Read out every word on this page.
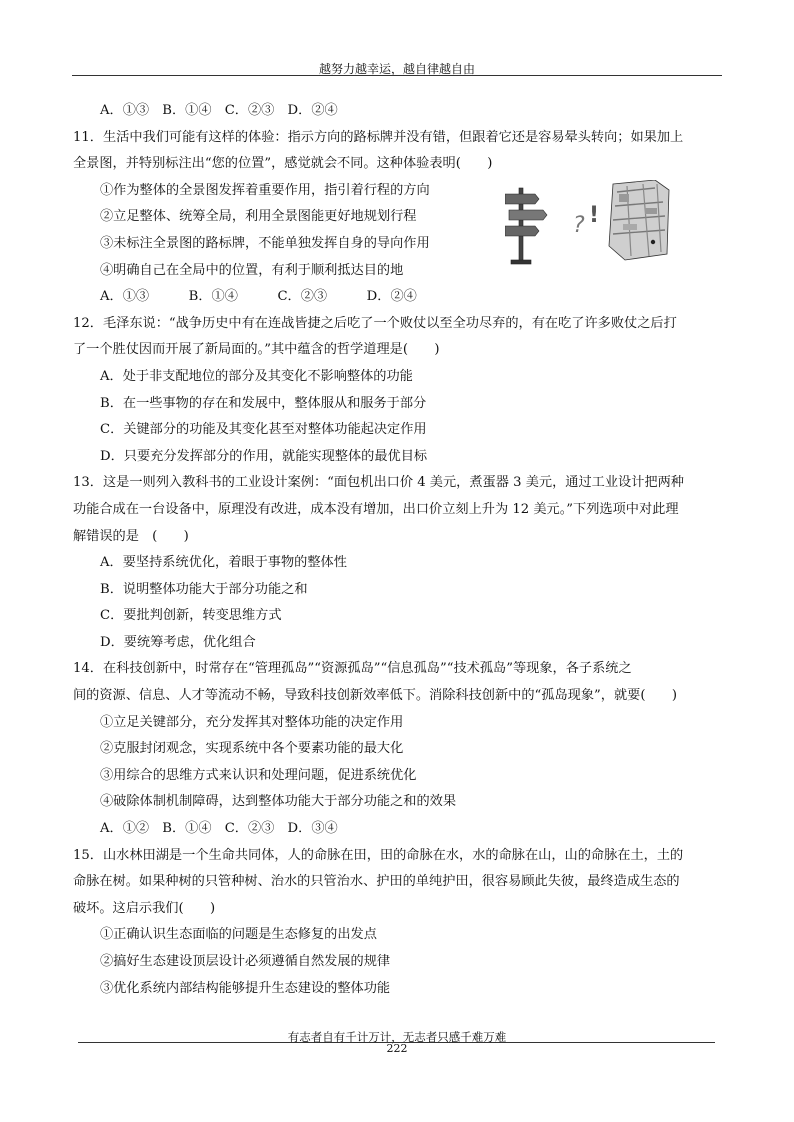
越努力越幸运，越自律越自由
A．①③　B．①④　C．②③　D．②④
11．生活中我们可能有这样的体验：指示方向的路标牌并没有错，但跟着它还是容易晕头转向；如果加上
全景图，并特别标注出“您的位置”，感觉就会不同。这种体验表明(　　)
①作为整体的全景图发挥着重要作用，指引着行程的方向
②立足整体、统筹全局，利用全景图能更好地规划行程
③未标注全景图的路标牌，不能单独发挥自身的导向作用
④明确自己在全局中的位置，有利于顺利抵达目的地
A．①③　　　B．①④　　　C．②③　　　D．②④
12．毛泽东说：“战争历史中有在连战皆捷之后吃了一个败仗以至全功尽弃的，有在吃了许多败仗之后打
了一个胜仗因而开展了新局面的。”其中蕴含的哲学道理是(　　)
A．处于非支配地位的部分及其变化不影响整体的功能
B．在一些事物的存在和发展中，整体服从和服务于部分
C．关键部分的功能及其变化甚至对整体功能起决定作用
D．只要充分发挥部分的作用，就能实现整体的最优目标
13．这是一则列入教科书的工业设计案例：“面包机出口价 4 美元，煮蛋器 3 美元，通过工业设计把两种
功能合成在一台设备中，原理没有改进，成本没有增加，出口价立刻上升为 12 美元。”下列选项中对此理
解错误的是　(　　)
A．要坚持系统优化，着眼于事物的整体性
B．说明整体功能大于部分功能之和
C．要批判创新，转变思维方式
D．要统筹考虑，优化组合
14．在科技创新中，时常存在“管理孤岛”“资源孤岛”“信息孤岛”“技术孤岛”等现象，各子系统之
间的资源、信息、人才等流动不畅，导致科技创新效率低下。消除科技创新中的“孤岛现象”，就要(　　)
①立足关键部分，充分发挥其对整体功能的决定作用
②克服封闭观念，实现系统中各个要素功能的最大化
③用综合的思维方式来认识和处理问题，促进系统优化
④破除体制机制障碍，达到整体功能大于部分功能之和的效果
A．①②　B．①④　C．②③　D．③④
15．山水林田湖是一个生命共同体，人的命脉在田，田的命脉在水，水的命脉在山，山的命脉在土，土的
命脉在树。如果种树的只管种树、治水的只管治水、护田的单纯护田，很容易顾此失彼，最终造成生态的
破坏。这启示我们(　　)
①正确认识生态面临的问题是生态修复的出发点
②搞好生态建设顶层设计必须遵循自然发展的规律
③优化系统内部结构能够提升生态建设的整体功能
? !
有志者自有千计万计，无志者只感千难万难
222
